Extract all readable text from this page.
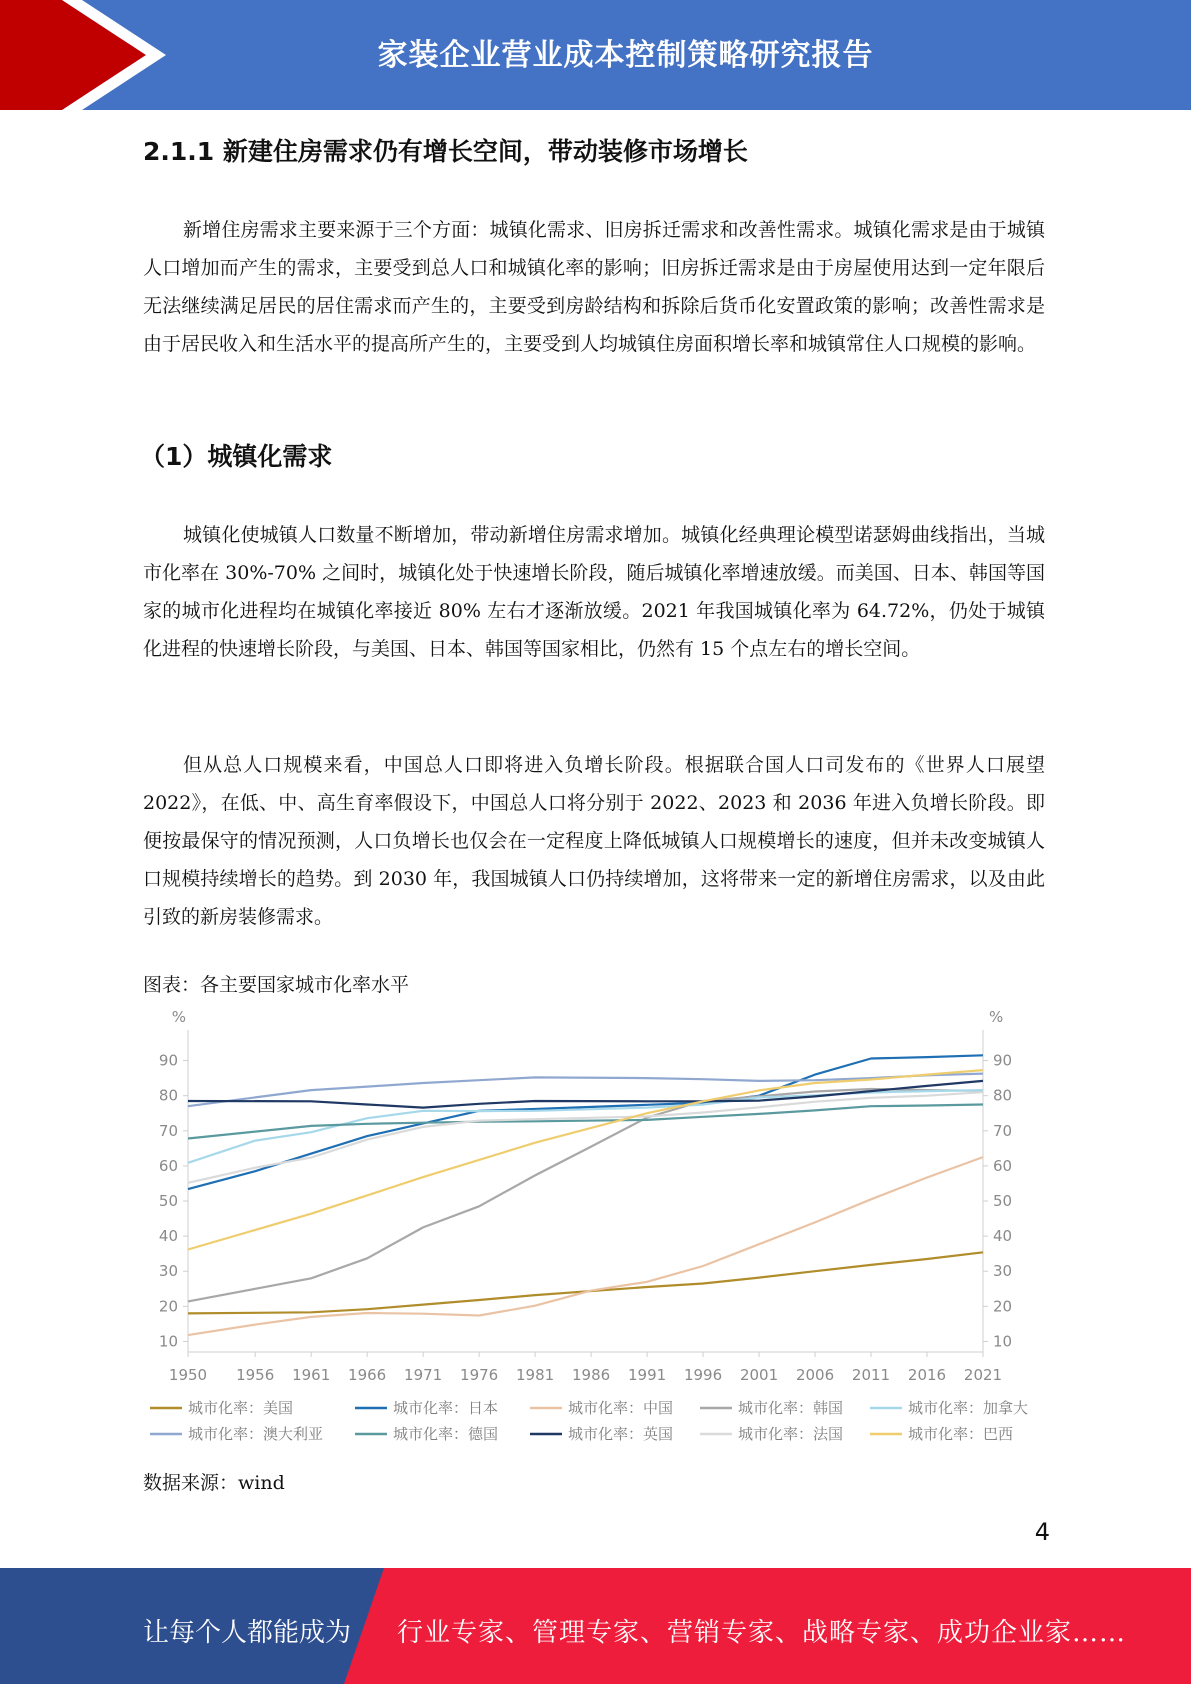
家装企业营业成本控制策略研究报告
2.1.1 新建住房需求仍有增长空间，带动装修市场增长

新增住房需求主要来源于三个方面：城镇化需求、旧房拆迁需求和改善性需求。城镇化需求是由于城镇人口增加而产生的需求，主要受到总人口和城镇化率的影响；旧房拆迁需求是由于房屋使用达到一定年限后无法继续满足居民的居住需求而产生的，主要受到房龄结构和拆除后货币化安置政策的影响；改善性需求是由于居民收入和生活水平的提高所产生的，主要受到人均城镇住房面积增长率和城镇常住人口规模的影响。

（1）城镇化需求

城镇化使城镇人口数量不断增加，带动新增住房需求增加。城镇化经典理论模型诺瑟姆曲线指出，当城市化率在 30%-70% 之间时，城镇化处于快速增长阶段，随后城镇化率增速放缓。而美国、日本、韩国等国家的城市化进程均在城镇化率接近 80% 左右才逐渐放缓。2021 年我国城镇化率为 64.72%，仍处于城镇化进程的快速增长阶段，与美国、日本、韩国等国家相比，仍然有 15 个点左右的增长空间。

但从总人口规模来看，中国总人口即将进入负增长阶段。根据联合国人口司发布的《世界人口展望 2022》，在低、中、高生育率假设下，中国总人口将分别于 2022、2023 和 2036 年进入负增长阶段。即便按最保守的情况预测，人口负增长也仅会在一定程度上降低城镇人口规模增长的速度，但并未改变城镇人口规模持续增长的趋势。到 2030 年，我国城镇人口仍持续增加，这将带来一定的新增住房需求，以及由此引致的新房装修需求。

图表：各主要国家城市化率水平
%	%
10	10
20	20
30	30
40	40
50	50
60	60
70	70
80	80
90	90
1950 1956 1961 1966 1971 1976 1981 1986 1991 1996 2001 2006 2011 2016 2021
城市化率：美国	城市化率：日本	城市化率：中国	城市化率：韩国	城市化率：加拿大
城市化率：澳大利亚	城市化率：德国	城市化率：英国	城市化率：法国	城市化率：巴西
数据来源：wind
4
让每个人都能成为 行业专家、管理专家、营销专家、战略专家、成功企业家……
